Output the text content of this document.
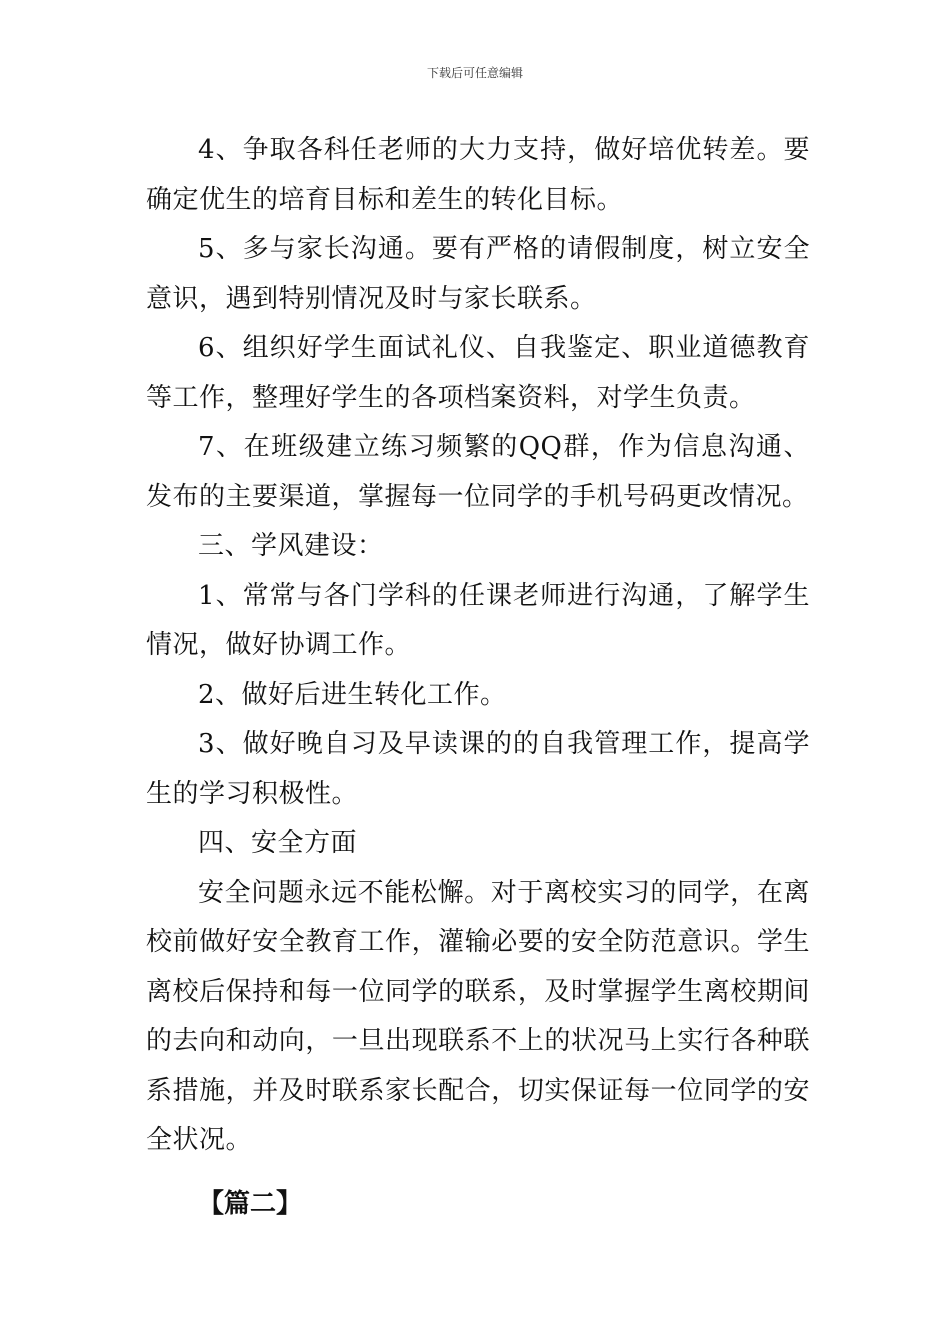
下载后可任意编辑

4、争取各科任老师的大力支持，做好培优转差。要确定优生的培育目标和差生的转化目标。

5、多与家长沟通。要有严格的请假制度，树立安全意识，遇到特别情况及时与家长联系。

6、组织好学生面试礼仪、自我鉴定、职业道德教育等工作，整理好学生的各项档案资料，对学生负责。

7、在班级建立练习频繁的QQ群，作为信息沟通、发布的主要渠道，掌握每一位同学的手机号码更改情况。

三、学风建设：

1、常常与各门学科的任课老师进行沟通，了解学生情况，做好协调工作。

2、做好后进生转化工作。

3、做好晚自习及早读课的的自我管理工作，提高学生的学习积极性。

四、安全方面

安全问题永远不能松懈。对于离校实习的同学，在离校前做好安全教育工作，灌输必要的安全防范意识。学生离校后保持和每一位同学的联系，及时掌握学生离校期间的去向和动向，一旦出现联系不上的状况马上实行各种联系措施，并及时联系家长配合，切实保证每一位同学的安全状况。

【篇二】
